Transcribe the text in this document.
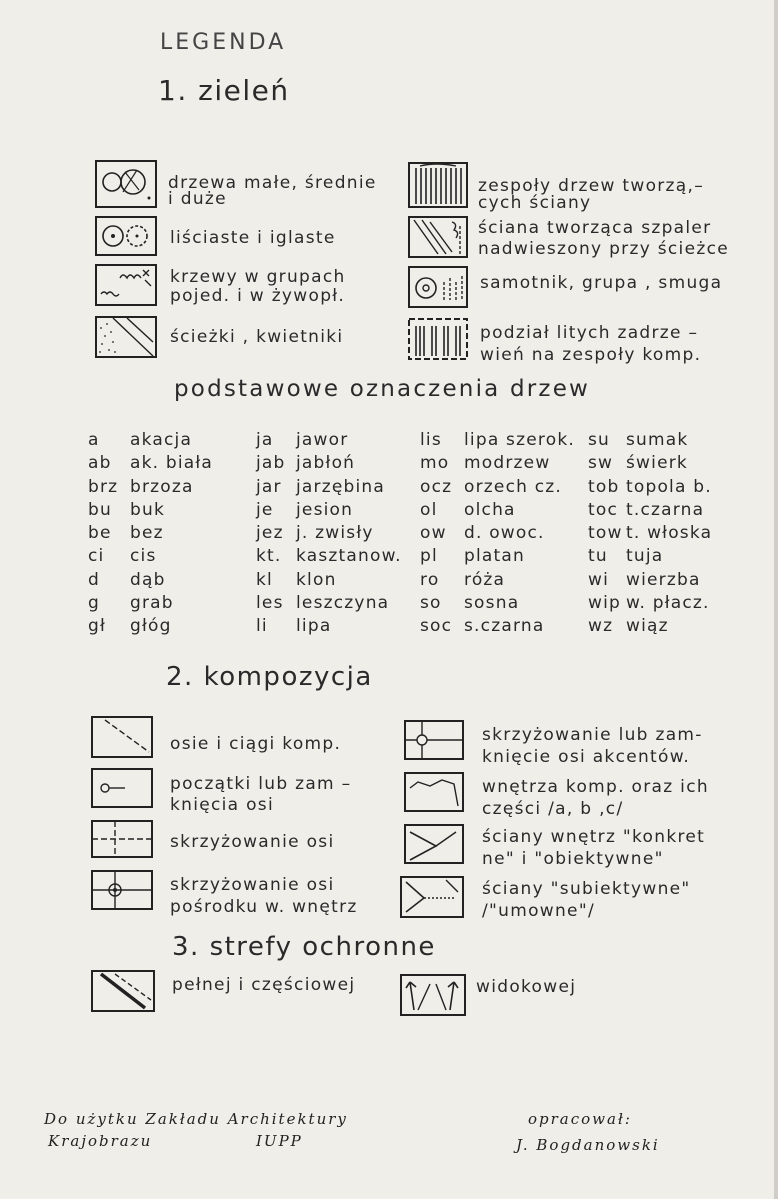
LEGENDA
1. zieleń
drzewa małe, średnie
i duże
liściaste i iglaste
krzewy w grupach
pojed. i w żywopł.
ścieżki , kwietniki
zespoły drzew tworzą,–
cych ściany
ściana tworząca szpaler
nadwieszony przy ścieżce
samotnik, grupa , smuga
podział litych zadrze –
wień na zespoły komp.
podstawowe oznaczenia drzew
a	akacja
ab	ak. biała
brz brzoza
bu	buk
be	bez
ci	cis
d	dąb
g	grab
gł	głóg
ja	jawor
jab jabłoń
jar jarzębina
je	jesion
jez j. zwisły
kt. kasztanow.
kl	klon
les leszczyna
li	lipa
lis	lipa szerok.
mo modrzew
ocz orzech cz.
ol	olcha
ow	d. owoc.
pl	platan
ro	róża
so	sosna
soc s.czarna
su sumak
sw świerk
tob topola b.
toc t.czarna
tow t. włoska
tu	tuja
wi wierzba
wip w. płacz.
wz wiąz
2. kompozycja
osie i ciągi komp.
początki lub zam –
knięcia osi
skrzyżowanie osi
skrzyżowanie osi
pośrodku w. wnętrz
skrzyżowanie lub zam-
knięcie osi akcentów.
wnętrza komp. oraz ich
części /a, b ,c/
ściany wnętrz "konkret
ne" i "obiektywne"
ściany "subiektywne"
/"umowne"/
3. strefy ochronne
pełnej i częściowej	widokowej
Do użytku Zakładu Architektury
Krajobrazu	IUPP
opracował:
J. Bogdanowski
